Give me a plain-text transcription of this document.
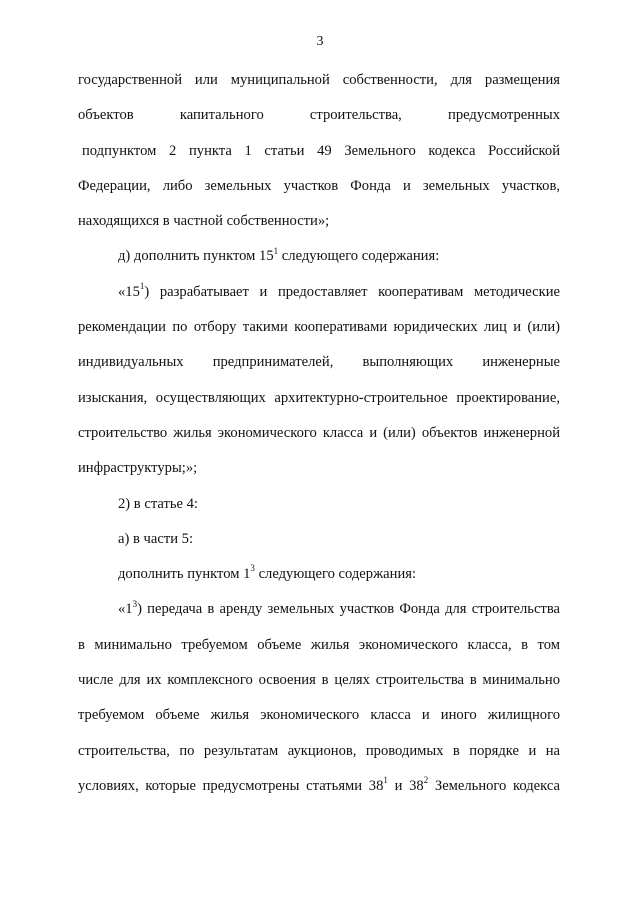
3
государственной или муниципальной собственности, для размещения
объектов капитального строительства, предусмотренных
подпунктом 2 пункта 1 статьи 49 Земельного кодекса Российской
Федерации, либо земельных участков Фонда и земельных участков,
находящихся в частной собственности»;
д) дополнить пунктом $15^1$ следующего содержания:
«$15^1$) разрабатывает и предоставляет кооперативам методические
рекомендации по отбору такими кооперативами юридических лиц и (или)
индивидуальных предпринимателей, выполняющих инженерные
изыскания, осуществляющих архитектурно-строительное проектирование,
строительство жилья экономического класса и (или) объектов инженерной
инфраструктуры;»;
2) в статье 4:
а) в части 5:
дополнить пунктом $1^3$ следующего содержания:
«$1^3$) передача в аренду земельных участков Фонда для строительства
в минимально требуемом объеме жилья экономического класса, в том
числе для их комплексного освоения в целях строительства в минимально
требуемом объеме жилья экономического класса и иного жилищного
строительства, по результатам аукционов, проводимых в порядке и на
условиях, которые предусмотрены статьями $38^1$ и $38^2$ Земельного кодекса
